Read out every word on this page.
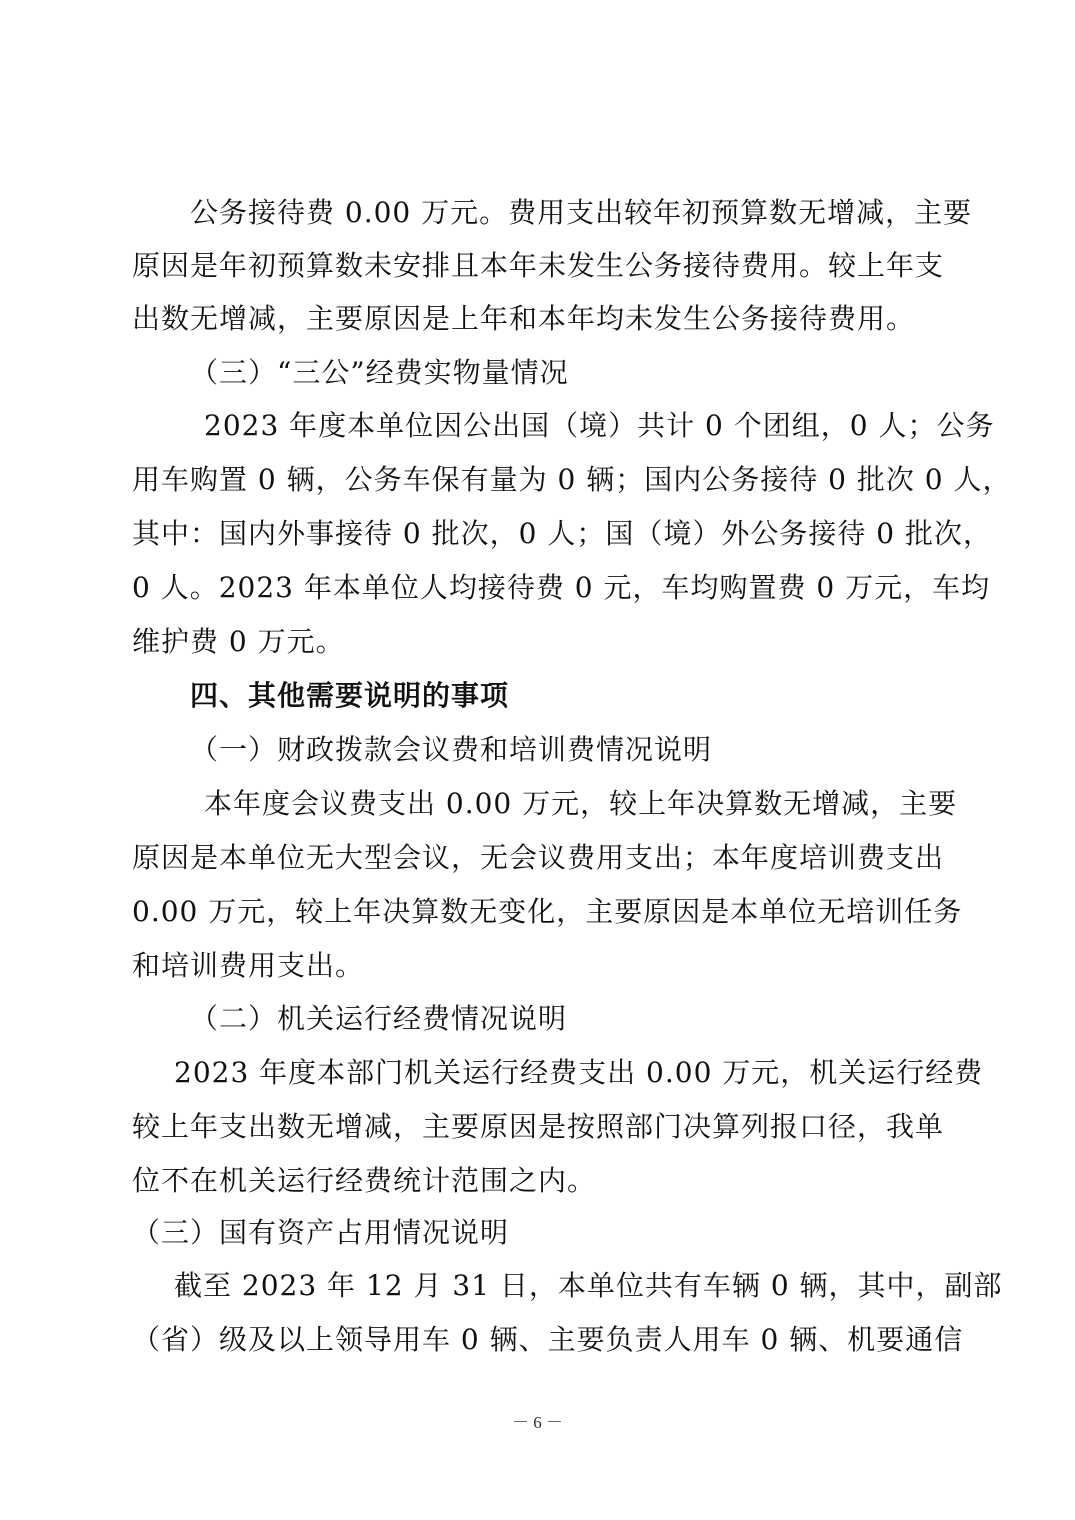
公务接待费 0.00 万元。费用支出较年初预算数无增减，主要
原因是年初预算数未安排且本年未发生公务接待费用。较上年支
出数无增减，主要原因是上年和本年均未发生公务接待费用。
（三）“三公”经费实物量情况
2023 年度本单位因公出国（境）共计 0 个团组，0 人；公务
用车购置 0 辆，公务车保有量为 0 辆；国内公务接待 0 批次 0 人，
其中：国内外事接待 0 批次，0 人；国（境）外公务接待 0 批次，
0 人。2023 年本单位人均接待费 0 元，车均购置费 0 万元，车均
维护费 0 万元。
四、其他需要说明的事项
（一）财政拨款会议费和培训费情况说明
本年度会议费支出 0.00 万元，较上年决算数无增减，主要
原因是本单位无大型会议，无会议费用支出；本年度培训费支出
0.00 万元，较上年决算数无变化，主要原因是本单位无培训任务
和培训费用支出。
（二）机关运行经费情况说明
2023 年度本部门机关运行经费支出 0.00 万元，机关运行经费
较上年支出数无增减，主要原因是按照部门决算列报口径，我单
位不在机关运行经费统计范围之内。
（三）国有资产占用情况说明
截至 2023 年 12 月 31 日，本单位共有车辆 0 辆，其中，副部
（省）级及以上领导用车 0 辆、主要负责人用车 0 辆、机要通信
－ 6 －
